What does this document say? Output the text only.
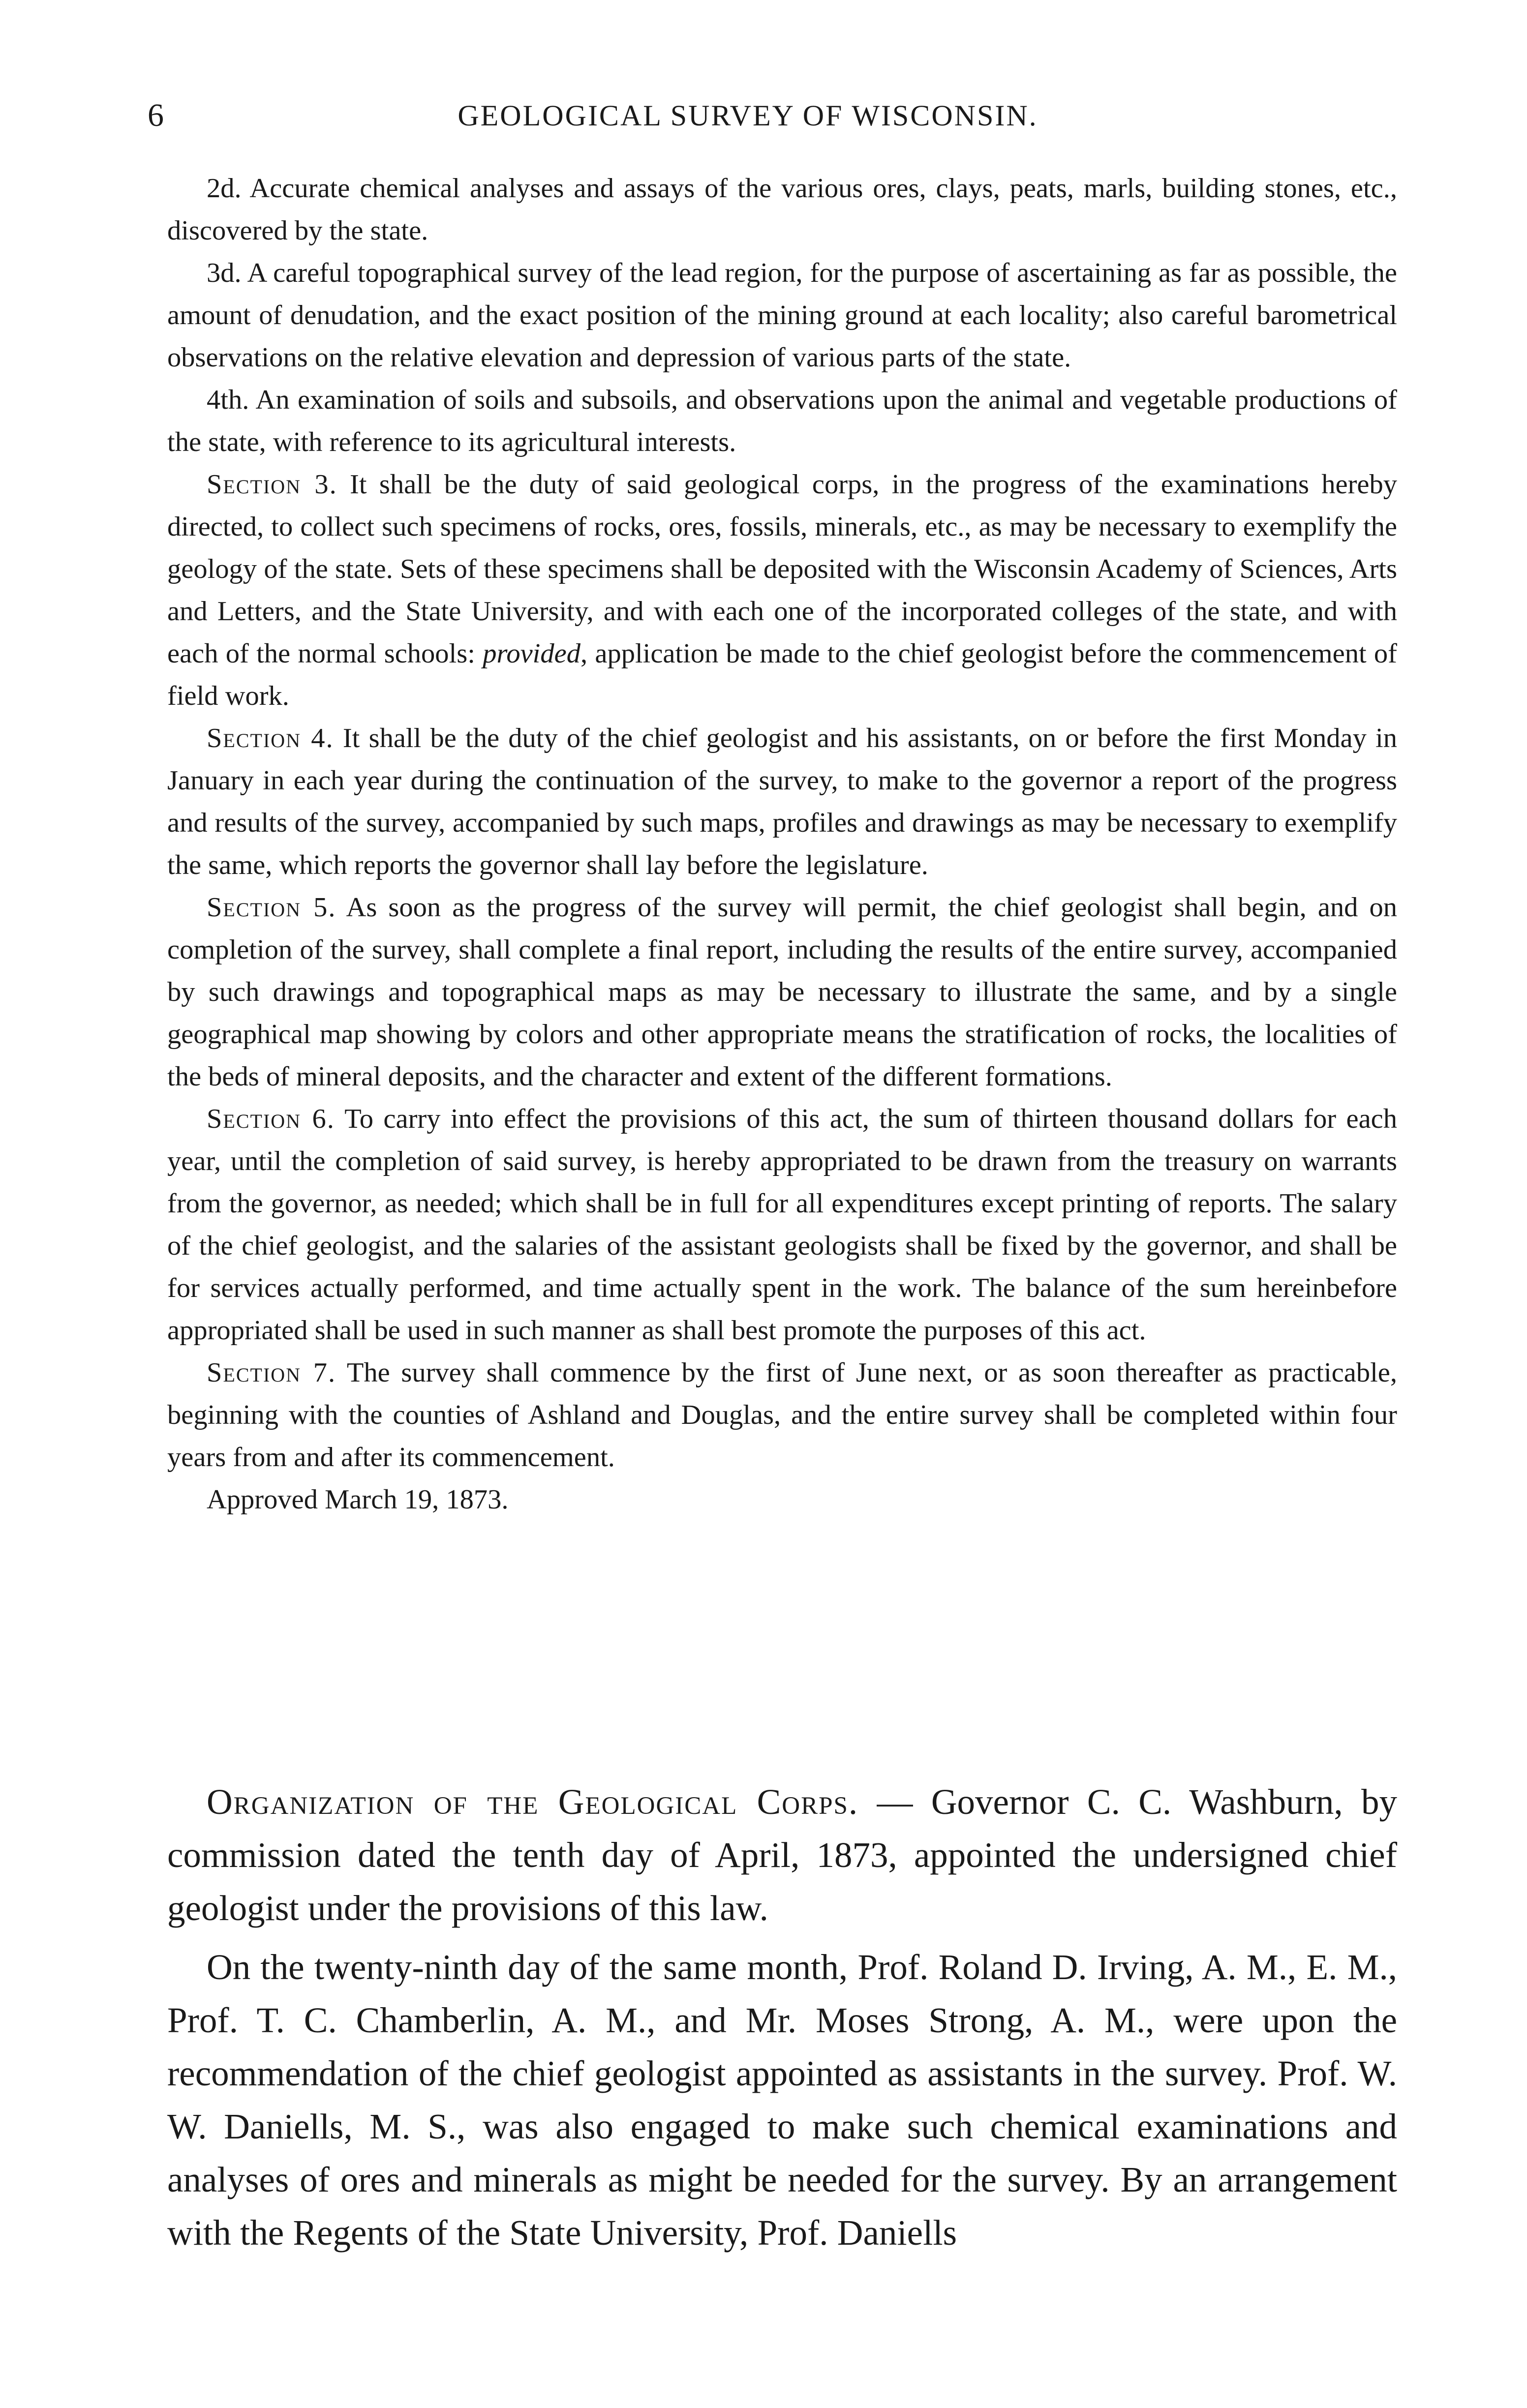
6	GEOLOGICAL SURVEY OF WISCONSIN.

2d. Accurate chemical analyses and assays of the various ores, clays, peats, marls, building stones, etc., discovered by the state.

3d. A careful topographical survey of the lead region, for the purpose of ascertaining as far as possible, the amount of denudation, and the exact position of the mining ground at each locality; also careful barometrical observations on the relative elevation and depression of various parts of the state.

4th. An examination of soils and subsoils, and observations upon the animal and vegetable productions of the state, with reference to its agricultural interests.

Section 3. It shall be the duty of said geological corps, in the progress of the examinations hereby directed, to collect such specimens of rocks, ores, fossils, minerals, etc., as may be necessary to exemplify the geology of the state. Sets of these specimens shall be deposited with the Wisconsin Academy of Sciences, Arts and Letters, and the State University, and with each one of the incorporated colleges of the state, and with each of the normal schools: provided, application be made to the chief geologist before the commencement of field work.

Section 4. It shall be the duty of the chief geologist and his assistants, on or before the first Monday in January in each year during the continuation of the survey, to make to the governor a report of the progress and results of the survey, accompanied by such maps, profiles and drawings as may be necessary to exemplify the same, which reports the governor shall lay before the legislature.

Section 5. As soon as the progress of the survey will permit, the chief geologist shall begin, and on completion of the survey, shall complete a final report, including the results of the entire survey, accompanied by such drawings and topographical maps as may be necessary to illustrate the same, and by a single geographical map showing by colors and other appropriate means the stratification of rocks, the localities of the beds of mineral deposits, and the character and extent of the different formations.

Section 6. To carry into effect the provisions of this act, the sum of thirteen thousand dollars for each year, until the completion of said survey, is hereby appropriated to be drawn from the treasury on warrants from the governor, as needed; which shall be in full for all expenditures except printing of reports. The salary of the chief geologist, and the salaries of the assistant geologists shall be fixed by the governor, and shall be for services actually performed, and time actually spent in the work. The balance of the sum hereinbefore appropriated shall be used in such manner as shall best promote the purposes of this act.

Section 7. The survey shall commence by the first of June next, or as soon thereafter as practicable, beginning with the counties of Ashland and Douglas, and the entire survey shall be completed within four years from and after its commencement.

Approved March 19, 1873.

Organization of the Geological Corps. — Governor C. C. Washburn, by commission dated the tenth day of April, 1873, appointed the undersigned chief geologist under the provisions of this law.

On the twenty-ninth day of the same month, Prof. Roland D. Irving, A. M., E. M., Prof. T. C. Chamberlin, A. M., and Mr. Moses Strong, A. M., were upon the recommendation of the chief geologist appointed as assistants in the survey. Prof. W. W. Daniells, M. S., was also engaged to make such chemical examinations and analyses of ores and minerals as might be needed for the survey. By an arrangement with the Regents of the State University, Prof. Daniells
